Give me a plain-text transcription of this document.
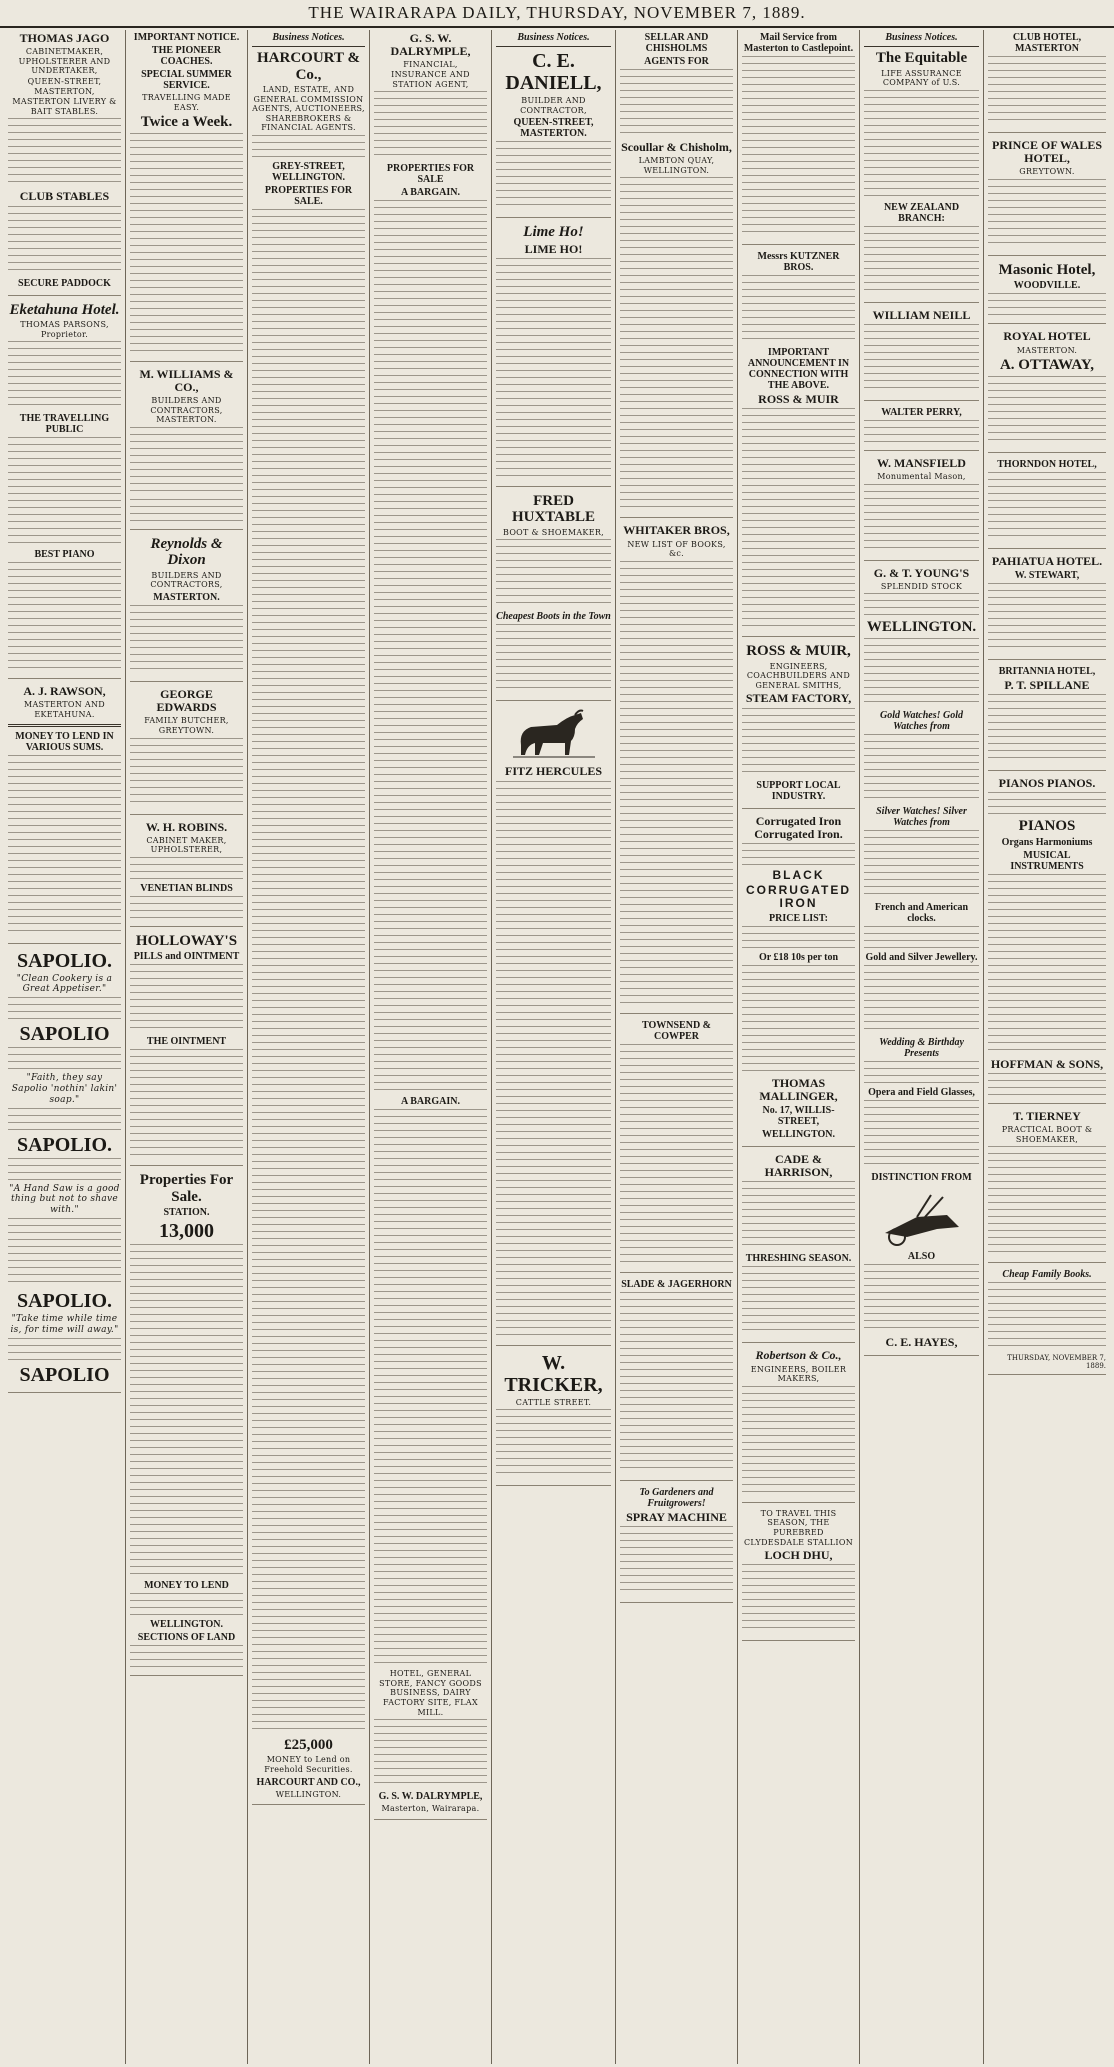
THE WAIRARAPA DAILY, THURSDAY, NOVEMBER 7, 1889.
THOMAS JAGO
CABINETMAKER, UPHOLSTERER AND UNDERTAKER,
QUEEN-STREET, MASTERTON,
MASTERTON LIVERY & BAIT STABLES.
CLUB STABLES
SECURE PADDOCK
Eketahuna Hotel.
THOMAS PARSONS, Proprietor.
THE TRAVELLING PUBLIC
BEST PIANO
A. J. RAWSON,
MASTERTON AND EKETAHUNA.
MONEY TO LEND IN VARIOUS SUMS.
SAPOLIO.
"Clean Cookery is a Great Appetiser."
SAPOLIO
"Faith, they say Sapolio 'nothin' lakin' soap."
SAPOLIO.
"A Hand Saw is a good thing but not to shave with."
SAPOLIO.
"Take time while time is, for time will away."
SAPOLIO
IMPORTANT NOTICE.
THE PIONEER COACHES.
SPECIAL SUMMER SERVICE.
TRAVELLING MADE EASY.
Twice a Week.
M. WILLIAMS & CO.,
BUILDERS AND CONTRACTORS, MASTERTON.
Reynolds & Dixon
BUILDERS AND CONTRACTORS,
MASTERTON.
GEORGE EDWARDS
FAMILY BUTCHER, GREYTOWN.
W. H. ROBINS.
CABINET MAKER, UPHOLSTERER,
VENETIAN BLINDS
HOLLOWAY'S
PILLS and OINTMENT
THE OINTMENT
Properties For Sale.
STATION.
13,000
MONEY TO LEND
WELLINGTON.
SECTIONS OF LAND
Business Notices.
HARCOURT & Co.,
LAND, ESTATE, AND GENERAL COMMISSION AGENTS, AUCTIONEERS, SHAREBROKERS & FINANCIAL AGENTS.
GREY-STREET, WELLINGTON.
PROPERTIES FOR SALE.
£25,000
MONEY to Lend on Freehold Securities.
HARCOURT AND CO.,
WELLINGTON.
G. S. W. DALRYMPLE,
FINANCIAL, INSURANCE AND STATION AGENT,
PROPERTIES FOR SALE
A BARGAIN.
A BARGAIN.
HOTEL, GENERAL STORE, FANCY GOODS BUSINESS, DAIRY FACTORY SITE, FLAX MILL.
G. S. W. DALRYMPLE,
Masterton, Wairarapa.
Business Notices.
C. E. DANIELL,
BUILDER AND CONTRACTOR,
QUEEN-STREET, MASTERTON.
Lime Ho!
LIME HO!
FRED HUXTABLE
BOOT & SHOEMAKER,
Cheapest Boots in the Town
FITZ HERCULES
W. TRICKER,
CATTLE STREET.
SELLAR AND CHISHOLMS
AGENTS FOR
Scoullar & Chisholm,
LAMBTON QUAY, WELLINGTON.
WHITAKER BROS,
NEW LIST OF BOOKS, &c.
TOWNSEND & COWPER
SLADE & JAGERHORN
To Gardeners and Fruitgrowers!
SPRAY MACHINE
Mail Service from Masterton to Castlepoint.
Messrs KUTZNER BROS.
IMPORTANT ANNOUNCEMENT IN CONNECTION WITH THE ABOVE.
ROSS & MUIR
ROSS & MUIR,
ENGINEERS, COACHBUILDERS AND GENERAL SMITHS,
STEAM FACTORY,
SUPPORT LOCAL INDUSTRY.
Corrugated Iron Corrugated Iron.
BLACK
CORRUGATED IRON
PRICE LIST:
Or £18 10s per ton
THOMAS MALLINGER,
No. 17, WILLIS-STREET,
WELLINGTON.
CADE & HARRISON,
THRESHING SEASON.
Robertson & Co.,
ENGINEERS, BOILER MAKERS,
TO TRAVEL THIS SEASON, THE PUREBRED CLYDESDALE STALLION
LOCH DHU,
Business Notices.
The Equitable
LIFE ASSURANCE COMPANY of U.S.
NEW ZEALAND BRANCH:
WILLIAM NEILL
WALTER PERRY,
W. MANSFIELD
Monumental Mason,
G. & T. YOUNG'S
SPLENDID STOCK
WELLINGTON.
Gold Watches! Gold Watches from
Silver Watches! Silver Watches from
French and American clocks.
Gold and Silver Jewellery.
Wedding & Birthday Presents
Opera and Field Glasses,
DISTINCTION FROM
ALSO
C. E. HAYES,
CLUB HOTEL, MASTERTON
PRINCE OF WALES HOTEL,
GREYTOWN.
Masonic Hotel,
WOODVILLE.
ROYAL HOTEL
MASTERTON.
A. OTTAWAY,
THORNDON HOTEL,
PAHIATUA HOTEL.
W. STEWART,
BRITANNIA HOTEL,
P. T. SPILLANE
PIANOS PIANOS.
PIANOS
Organs Harmoniums
MUSICAL INSTRUMENTS
HOFFMAN & SONS,
T. TIERNEY
PRACTICAL BOOT & SHOEMAKER,
Cheap Family Books.
THURSDAY, NOVEMBER 7, 1889.
